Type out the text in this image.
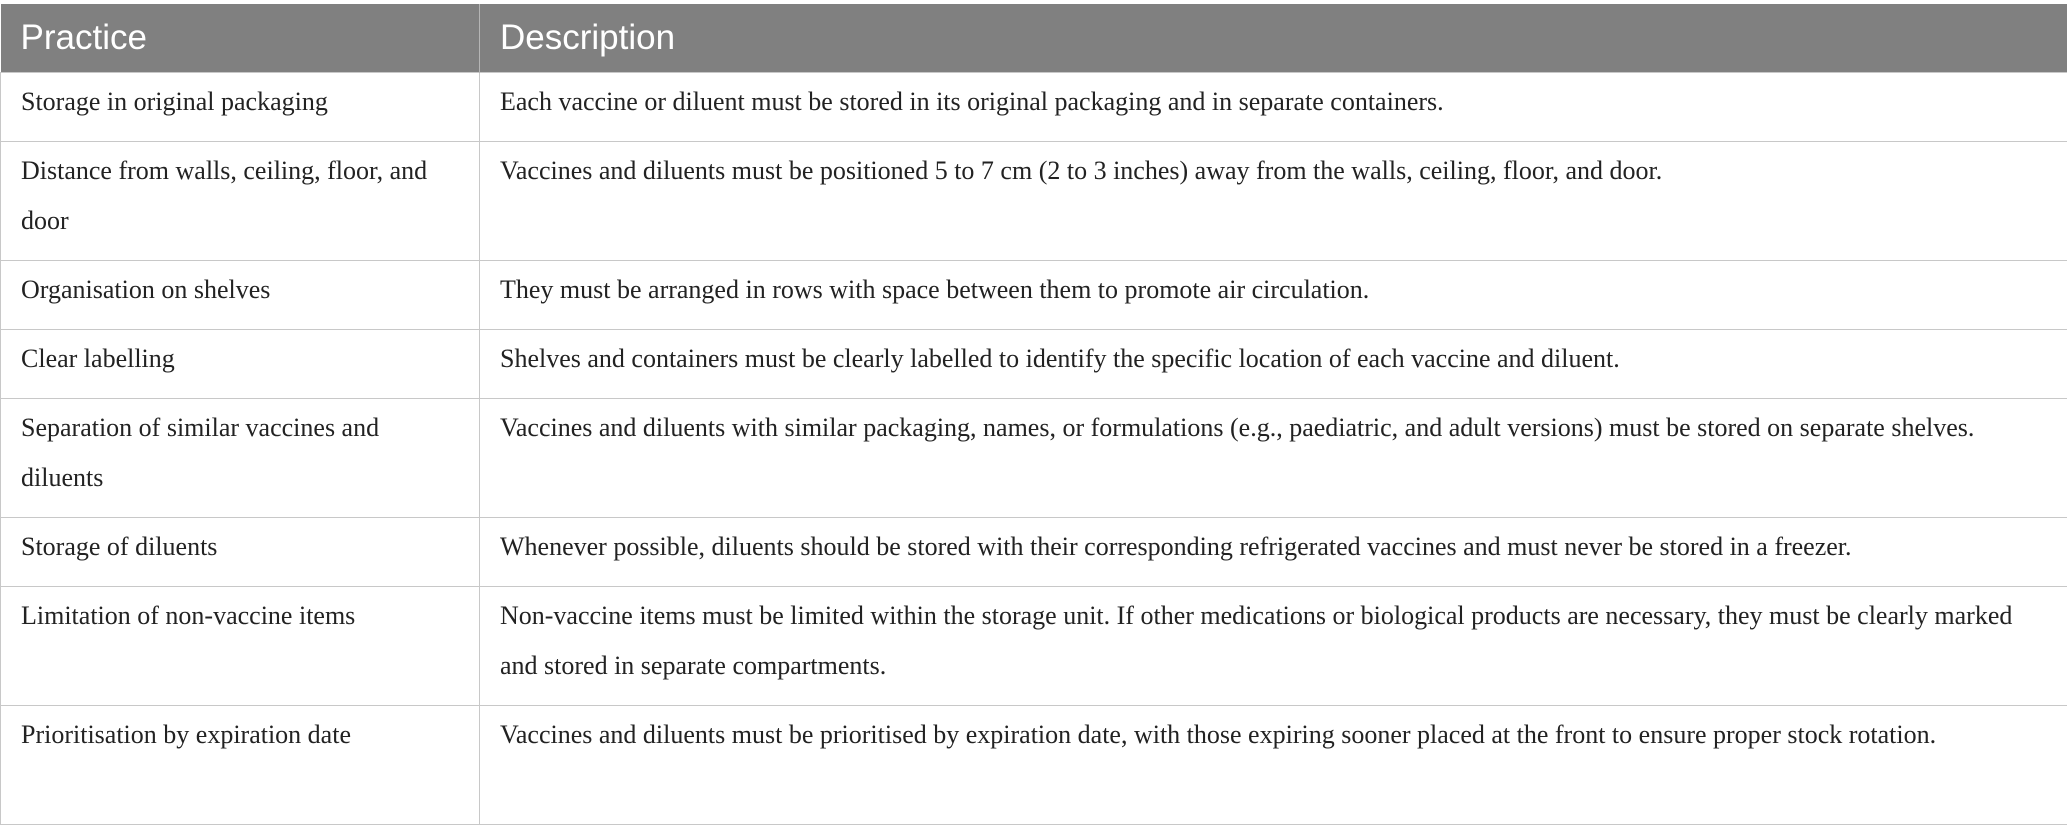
Practice	Description
Storage in original packaging	Each vaccine or diluent must be stored in its original packaging and in separate containers.
Distance from walls, ceiling, floor, and door	Vaccines and diluents must be positioned 5 to 7 cm (2 to 3 inches) away from the walls, ceiling, floor, and door.
Organisation on shelves	They must be arranged in rows with space between them to promote air circulation.
Clear labelling	Shelves and containers must be clearly labelled to identify the specific location of each vaccine and diluent.
Separation of similar vaccines and diluents	Vaccines and diluents with similar packaging, names, or formulations (e.g., paediatric, and adult versions) must be stored on separate shelves.
Storage of diluents	Whenever possible, diluents should be stored with their corresponding refrigerated vaccines and must never be stored in a freezer.
Limitation of non-vaccine items	Non-vaccine items must be limited within the storage unit. If other medications or biological products are necessary, they must be clearly marked and stored in separate compartments.
Prioritisation by expiration date	Vaccines and diluents must be prioritised by expiration date, with those expiring sooner placed at the front to ensure proper stock rotation.
